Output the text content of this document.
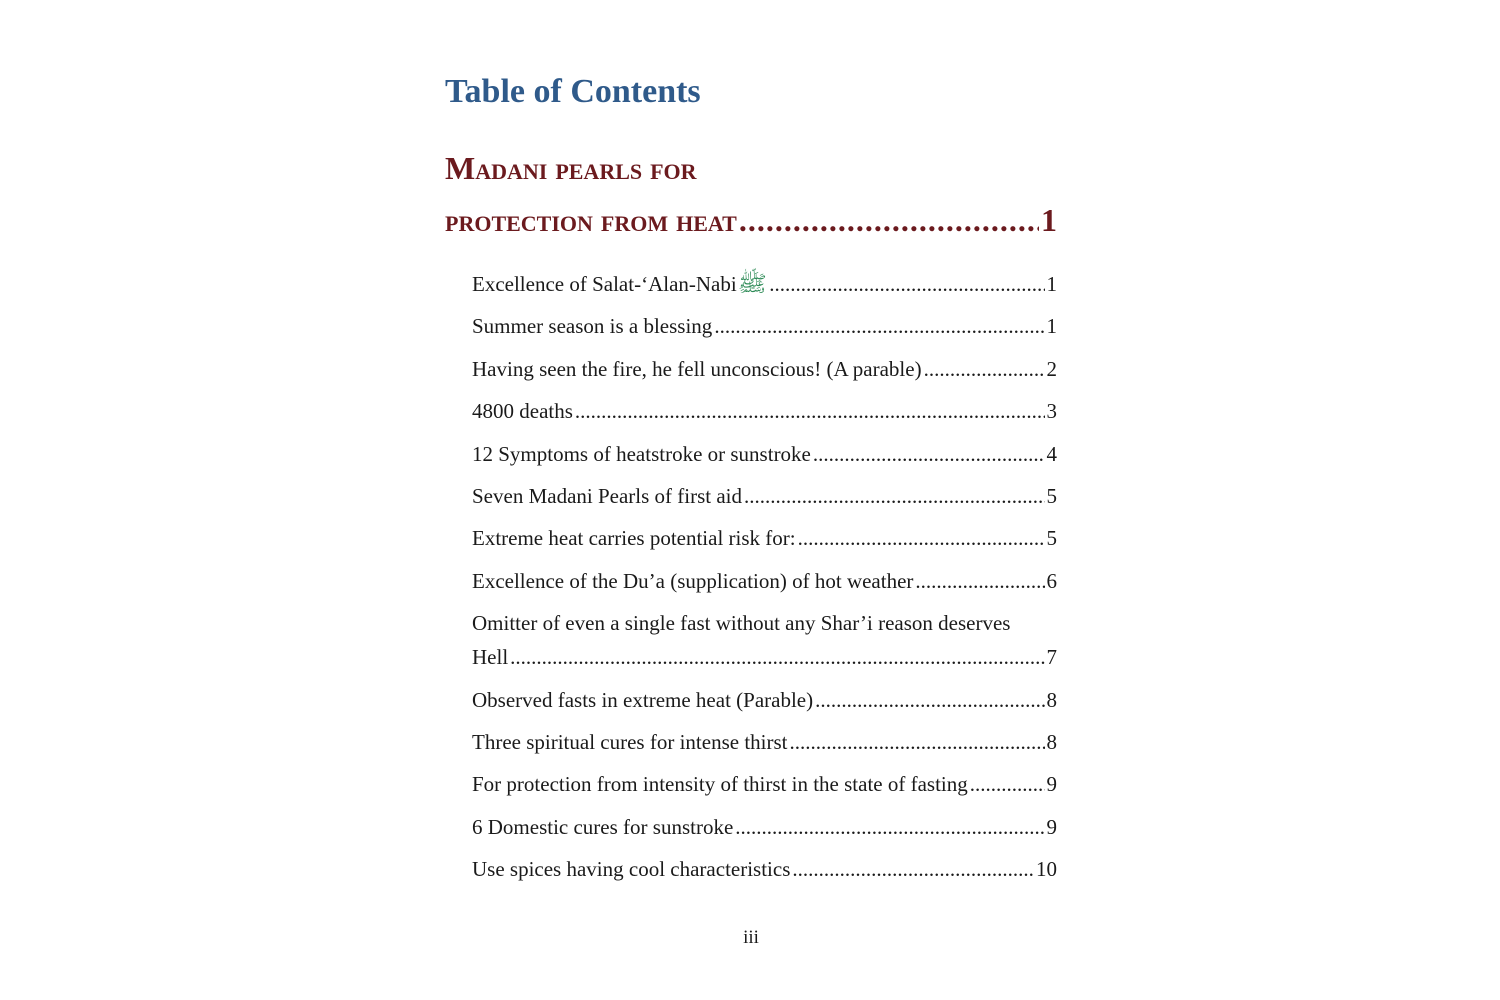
Table of Contents
Madani pearls for
protection from heat .....	1
Excellence of Salat-‘Alan-Nabi ﷺ .....	1
Summer season is a blessing .....	1
Having seen the fire, he fell unconscious! (A parable) .....	2
4800 deaths .....	3
12 Symptoms of heatstroke or sunstroke .....	4
Seven Madani Pearls of first aid .....	5
Extreme heat carries potential risk for: .....	5
Excellence of the Du’a (supplication) of hot weather .....	6
Omitter of even a single fast without any Shar’i reason deserves
Hell .....	7
Observed fasts in extreme heat (Parable) .....	8
Three spiritual cures for intense thirst .....	8
For protection from intensity of thirst in the state of fasting .....	9
6 Domestic cures for sunstroke .....	9
Use spices having cool characteristics .....	10
iii
